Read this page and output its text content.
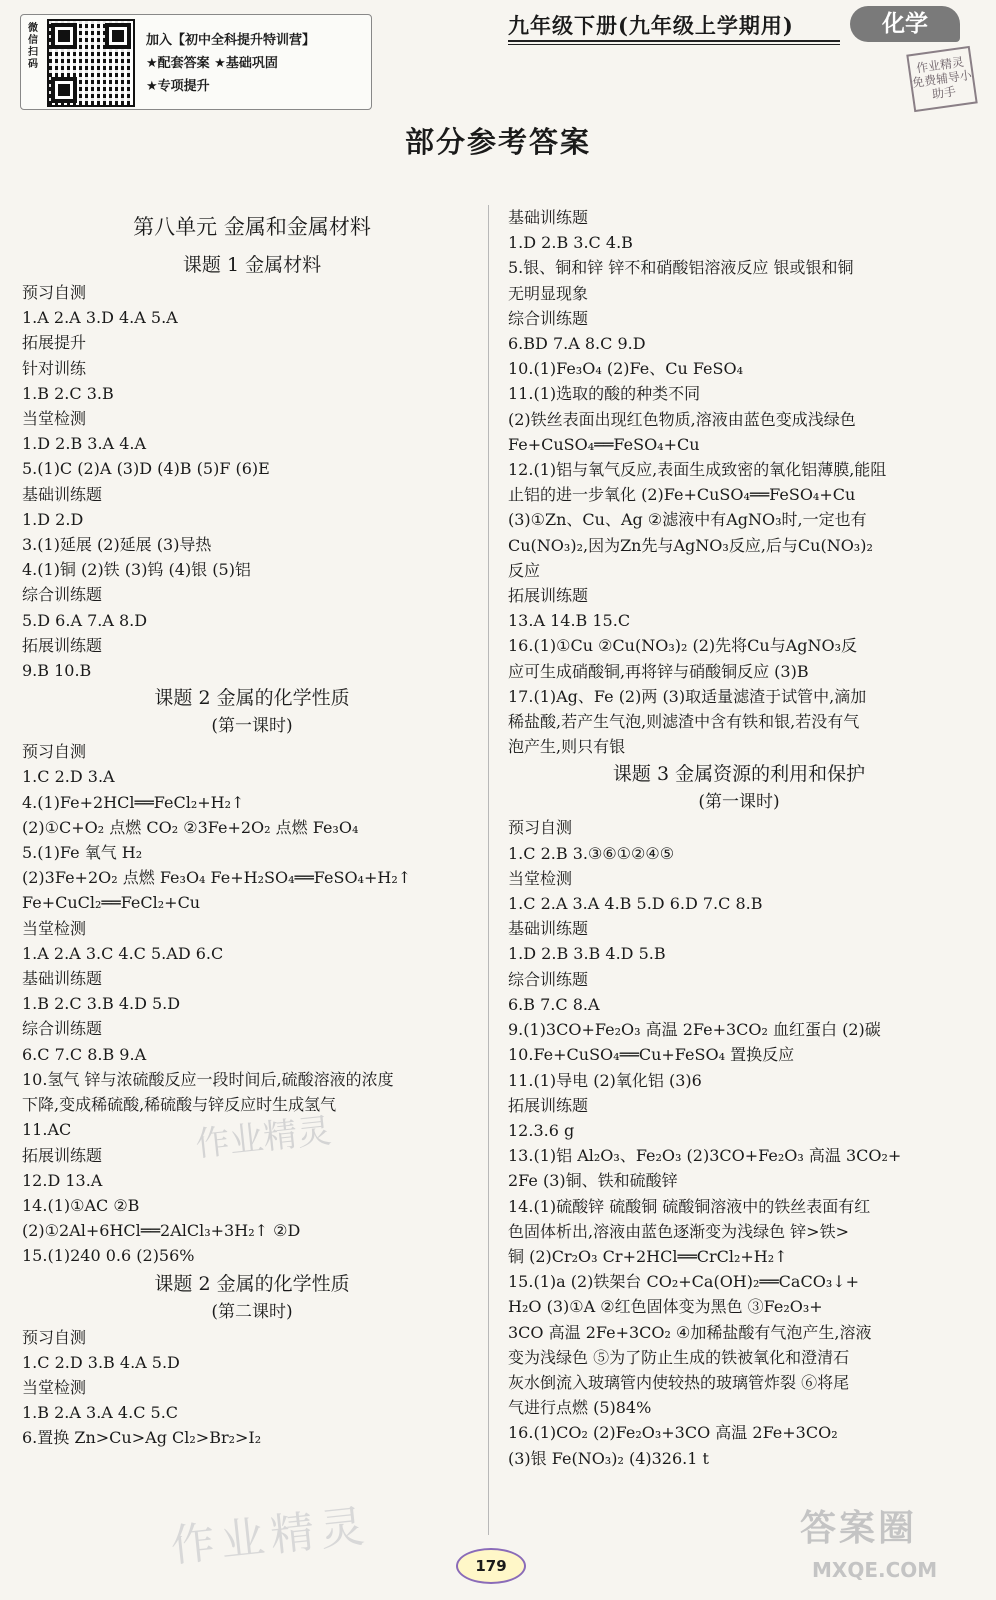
微信扫码
加入【初中全科提升特训营】
★配套答案 ★基础巩固
★专项提升
九年级下册(九年级上学期用)	化学
作业精灵 免费辅导小助手
部分参考答案
第八单元 金属和金属材料
课题 1 金属材料
预习自测
1.A 2.A 3.D 4.A 5.A
拓展提升
针对训练
1.B 2.C 3.B
当堂检测
1.D 2.B 3.A 4.A
5.(1)C (2)A (3)D (4)B (5)F (6)E
基础训练题
1.D 2.D
3.(1)延展 (2)延展 (3)导热
4.(1)铜 (2)铁 (3)钨 (4)银 (5)铝
综合训练题
5.D 6.A 7.A 8.D
拓展训练题
9.B 10.B
课题 2 金属的化学性质
(第一课时)
预习自测
1.C 2.D 3.A
4.(1)Fe+2HCl══FeCl₂+H₂↑
(2)①C+O₂ 点燃 CO₂ ②3Fe+2O₂ 点燃 Fe₃O₄
5.(1)Fe 氧气 H₂
(2)3Fe+2O₂ 点燃 Fe₃O₄ Fe+H₂SO₄══FeSO₄+H₂↑
Fe+CuCl₂══FeCl₂+Cu
当堂检测
1.A 2.A 3.C 4.C 5.AD 6.C
基础训练题
1.B 2.C 3.B 4.D 5.D
综合训练题
6.C 7.C 8.B 9.A
10.氢气 锌与浓硫酸反应一段时间后,硫酸溶液的浓度
下降,变成稀硫酸,稀硫酸与锌反应时生成氢气
11.AC
拓展训练题
12.D 13.A
14.(1)①AC ②B
(2)①2Al+6HCl══2AlCl₃+3H₂↑ ②D
15.(1)240 0.6 (2)56%
课题 2 金属的化学性质
(第二课时)
预习自测
1.C 2.D 3.B 4.A 5.D
当堂检测
1.B 2.A 3.A 4.C 5.C
6.置换 Zn>Cu>Ag Cl₂>Br₂>I₂
基础训练题
1.D 2.B 3.C 4.B
5.银、铜和锌 锌不和硝酸铝溶液反应 银或银和铜
无明显现象
综合训练题
6.BD 7.A 8.C 9.D
10.(1)Fe₃O₄ (2)Fe、Cu FeSO₄
11.(1)选取的酸的种类不同
(2)铁丝表面出现红色物质,溶液由蓝色变成浅绿色
Fe+CuSO₄══FeSO₄+Cu
12.(1)铝与氧气反应,表面生成致密的氧化铝薄膜,能阻
止铝的进一步氧化 (2)Fe+CuSO₄══FeSO₄+Cu
(3)①Zn、Cu、Ag ②滤液中有AgNO₃时,一定也有
Cu(NO₃)₂,因为Zn先与AgNO₃反应,后与Cu(NO₃)₂
反应
拓展训练题
13.A 14.B 15.C
16.(1)①Cu ②Cu(NO₃)₂ (2)先将Cu与AgNO₃反
应可生成硝酸铜,再将锌与硝酸铜反应 (3)B
17.(1)Ag、Fe (2)两 (3)取适量滤渣于试管中,滴加
稀盐酸,若产生气泡,则滤渣中含有铁和银,若没有气
泡产生,则只有银
课题 3 金属资源的利用和保护
(第一课时)
预习自测
1.C 2.B 3.③⑥①②④⑤
当堂检测
1.C 2.A 3.A 4.B 5.D 6.D 7.C 8.B
基础训练题
1.D 2.B 3.B 4.D 5.B
综合训练题
6.B 7.C 8.A
9.(1)3CO+Fe₂O₃ 高温 2Fe+3CO₂ 血红蛋白 (2)碳
10.Fe+CuSO₄══Cu+FeSO₄ 置换反应
11.(1)导电 (2)氧化铝 (3)6
拓展训练题
12.3.6 g
13.(1)铝 Al₂O₃、Fe₂O₃ (2)3CO+Fe₂O₃ 高温 3CO₂+
2Fe (3)铜、铁和硫酸锌
14.(1)硫酸锌 硫酸铜 硫酸铜溶液中的铁丝表面有红
色固体析出,溶液由蓝色逐渐变为浅绿色 锌>铁>
铜 (2)Cr₂O₃ Cr+2HCl══CrCl₂+H₂↑
15.(1)a (2)铁架台 CO₂+Ca(OH)₂══CaCO₃↓+
H₂O (3)①A ②红色固体变为黑色 ③Fe₂O₃+
3CO 高温 2Fe+3CO₂ ④加稀盐酸有气泡产生,溶液
变为浅绿色 ⑤为了防止生成的铁被氧化和澄清石
灰水倒流入玻璃管内使较热的玻璃管炸裂 ⑥将尾
气进行点燃 (5)84%
16.(1)CO₂ (2)Fe₂O₃+3CO 高温 2Fe+3CO₂
(3)银 Fe(NO₃)₂ (4)326.1 t
作业精灵
作业精灵	答案圈
MXQE.COM
179
